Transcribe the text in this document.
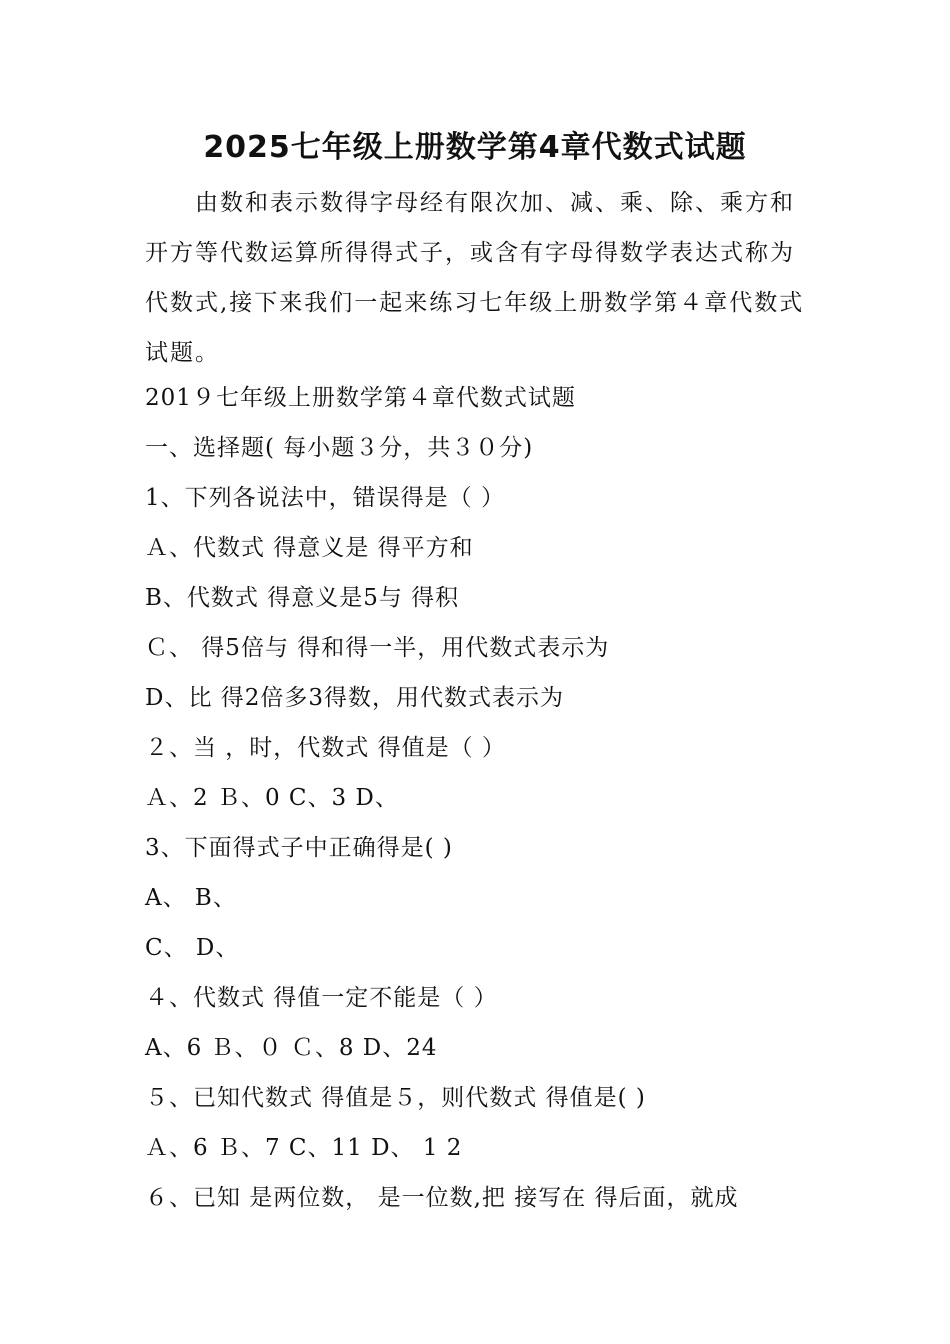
2025七年级上册数学第4章代数式试题

由数和表示数得字母经有限次加、减、乘、除、乘方和开方等代数运算所得得式子，或含有字母得数学表达式称为代数式,接下来我们一起来练习七年级上册数学第４章代数式试题。

201９七年级上册数学第４章代数式试题
一、选择题( 每小题３分，共３０分)
1、下列各说法中，错误得是（ ）
Ａ、代数式 得意义是 得平方和
B、代数式 得意义是5与 得积
Ｃ、 得5倍与 得和得一半，用代数式表示为
D、比 得2倍多3得数，用代数式表示为
２、当 ，时，代数式 得值是（ ）
Ａ、2 Ｂ、0 C、3 D、
3、下面得式子中正确得是( )
A、 B、
C、 D、
４、代数式 得值一定不能是（ ）
A、6 Ｂ、０ Ｃ、8 D、24
５、已知代数式 得值是５，则代数式 得值是( )
Ａ、6 Ｂ、7 C、11 D、 1 2
６、已知 是两位数， 是一位数,把 接写在 得后面，就成
